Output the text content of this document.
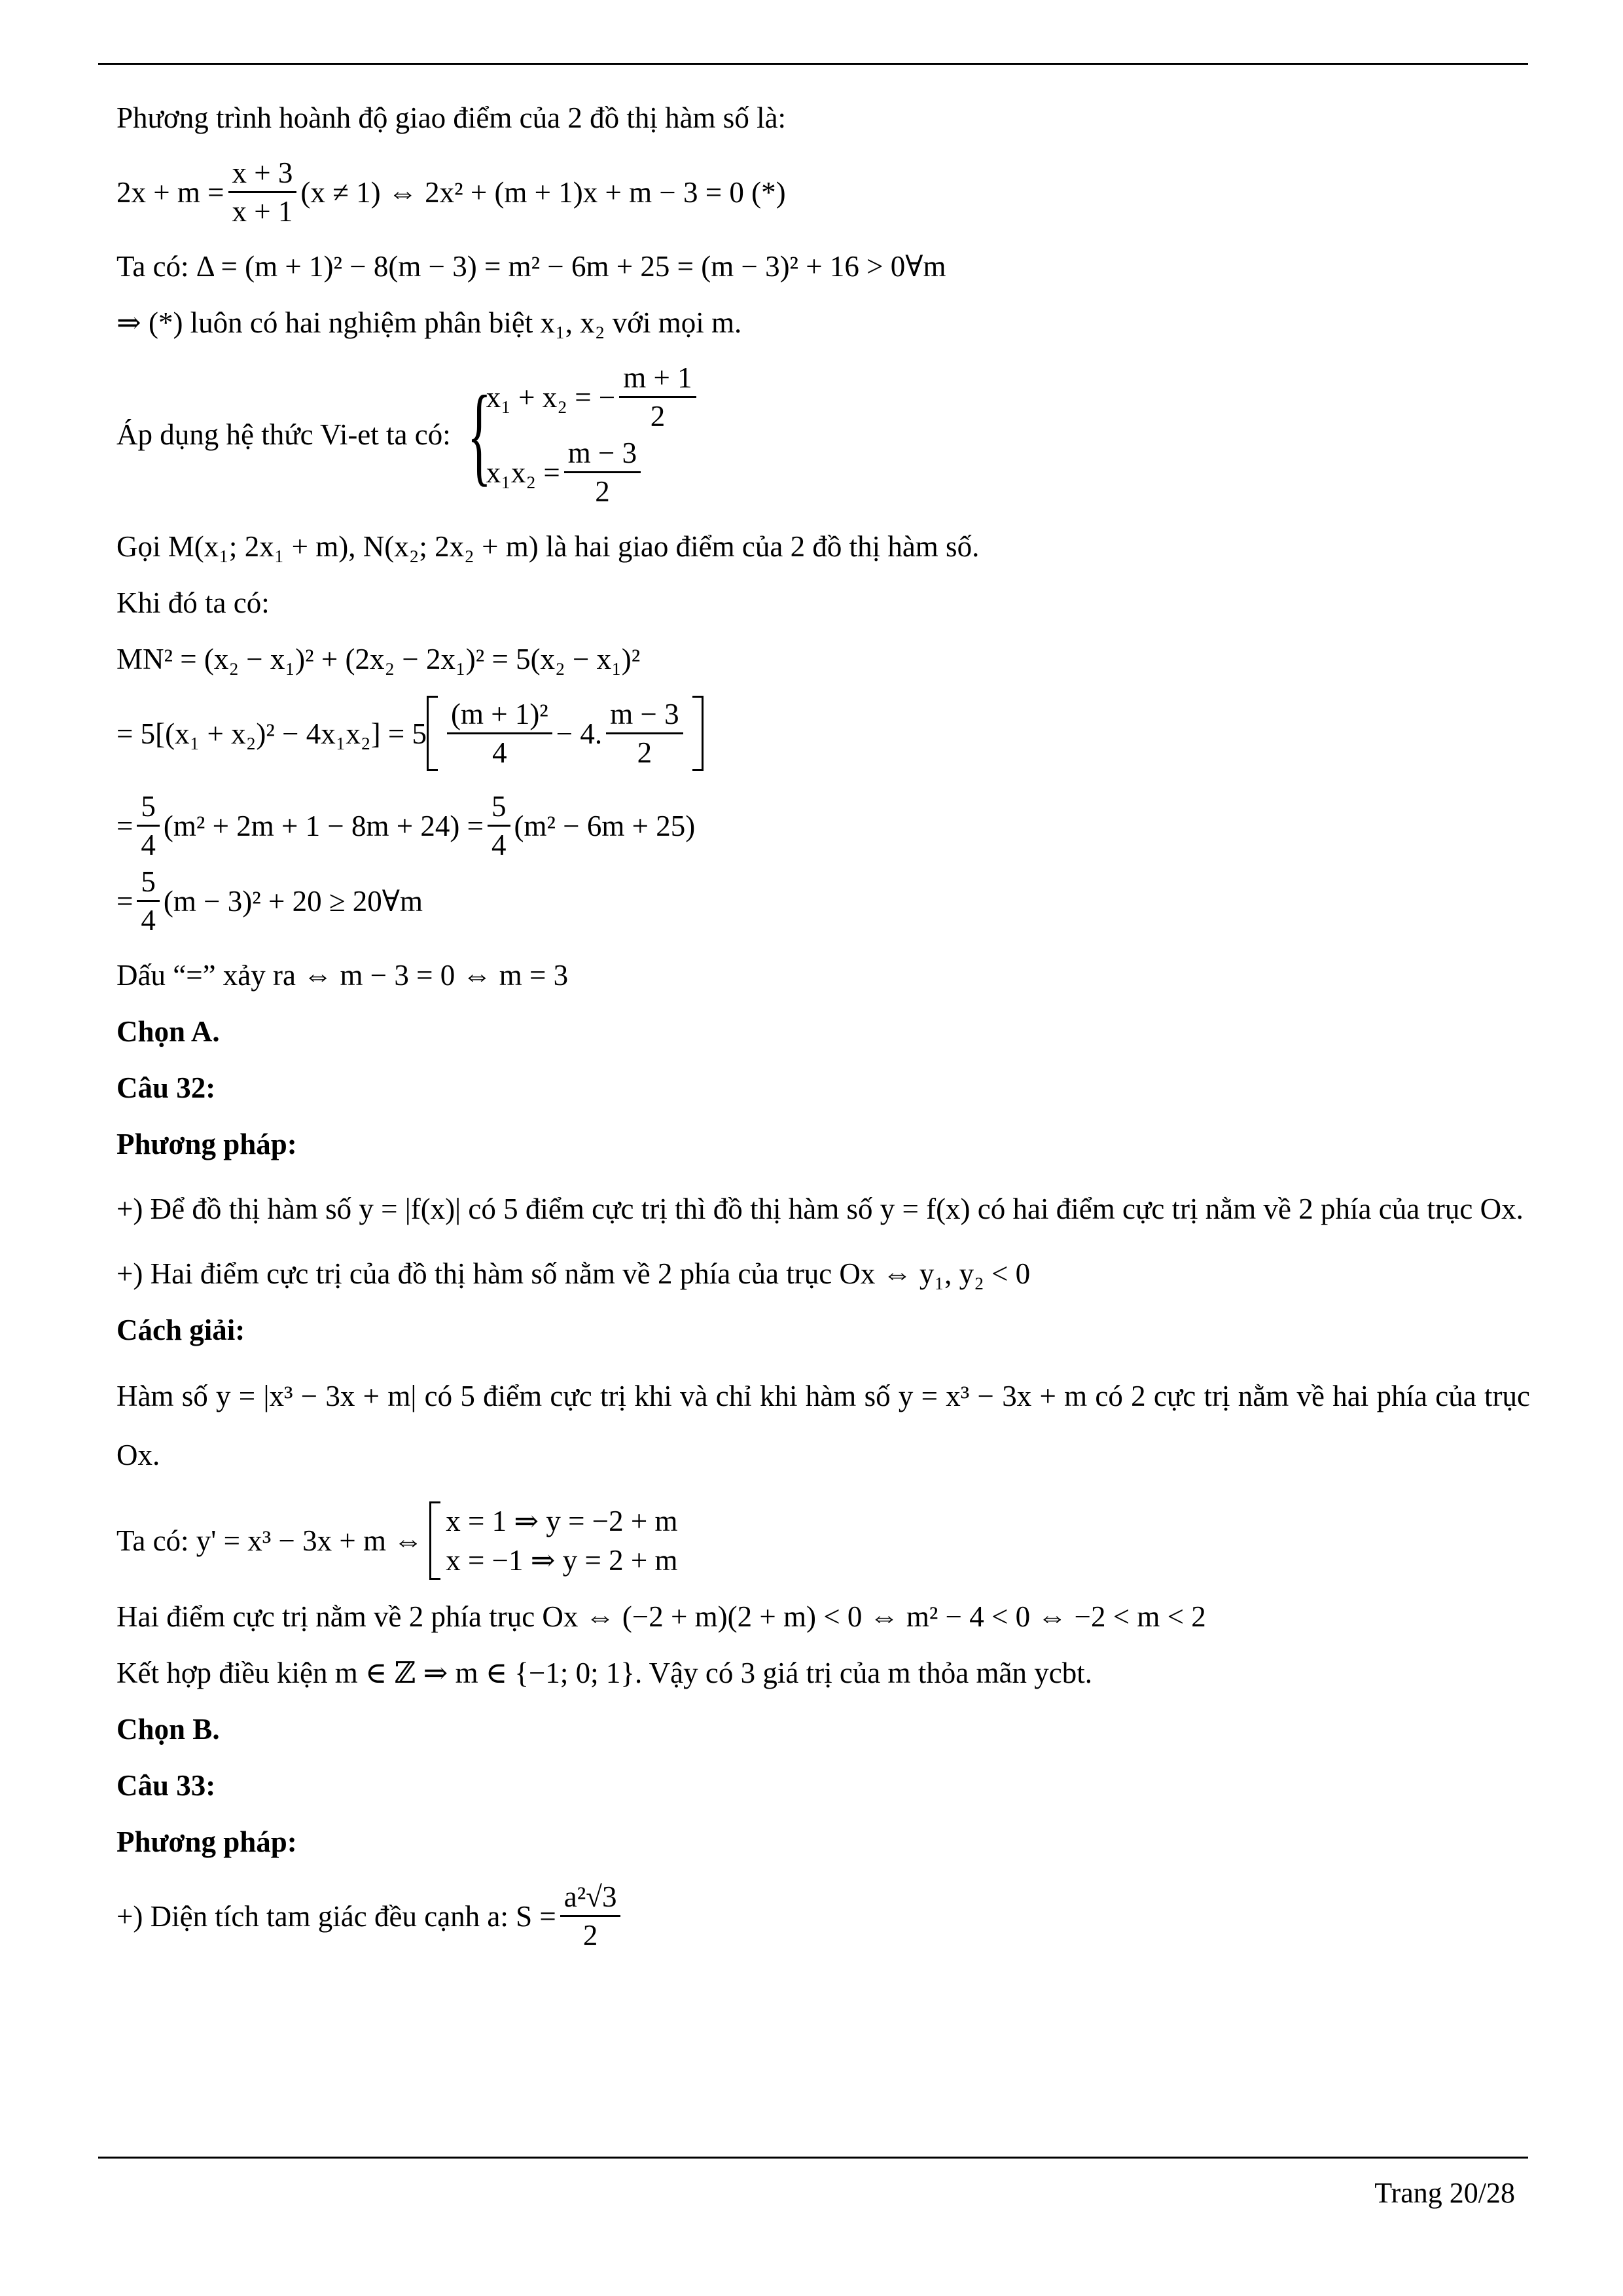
Phương trình hoành độ giao điểm của 2 đồ thị hàm số là:

$2x + m = \frac{x + 3}{x + 1} (x \ne 1)$ ⇔ 2x² + (m + 1)x + m − 3 = 0 (*)

Ta có: Δ = (m + 1)² − 8(m − 3) = m² − 6m + 25 = (m − 3)² + 16 > 0∀m

⇒ (*) luôn có hai nghiệm phân biệt x₁, x₂ với mọi m.

Áp dụng hệ thức Vi-et ta có: {
x₁ + x₂ = − $\frac{m + 1}{2}$
$x_1x_2 = \frac{m - 3}{2}$

Gọi M(x₁; 2x₁ + m), N(x₂; 2x₂ + m) là hai giao điểm của 2 đồ thị hàm số.

Khi đó ta có:

MN² = (x₂ − x₁)² + (2x₂ − 2x₁)² = 5(x₂ − x₁)²

= $5[(x_1 + x_2)^2 - 4x_1x_2] = 5 \frac{\text{(m + 1)²}}{4} - 4$. $\frac{m - 3}{2}$
= $\frac{5}{4} (m^2 + 2m + 1 - 8m + 24) = \frac{5}{4} (m^2 - 6m + 25)$
= $\frac{5}{4} (m - 3)^2 + 20$ ≥ 20∀m

Dấu “=” xảy ra ⇔ m − 3 = 0 ⇔ m = 3

Chọn A.

Câu 32:

Phương pháp:

+) Để đồ thị hàm số y = |f(x)| có 5 điểm cực trị thì đồ thị hàm số y = f(x) có hai điểm cực trị nằm về 2 phía của trục Ox.

+) Hai điểm cực trị của đồ thị hàm số nằm về 2 phía của trục Ox ⇔ y₁, y₂ < 0

Cách giải:

Hàm số y = |x³ − 3x + m| có 5 điểm cực trị khi và chỉ khi hàm số y = x³ − 3x + m có 2 cực trị nằm về hai phía của trục Ox.

Ta có: y' = x³ − 3x + m ⇔
x = 1 ⇒ y = −2 + m
x = −1 ⇒ y = 2 + m

Hai điểm cực trị nằm về 2 phía trục Ox ⇔ (−2 + m)(2 + m) < 0 ⇔ m² − 4 < 0 ⇔ −2 < m < 2

Kết hợp điều kiện m ∈ ℤ ⇒ m ∈ {−1; 0; 1}. Vậy có 3 giá trị của m thỏa mãn ycbt.

Chọn B.

Câu 33:

Phương pháp:

+) Diện tích tam giác đều cạnh a: $S = \frac{\text{a²√3}}{2}$
Trang 20/28
